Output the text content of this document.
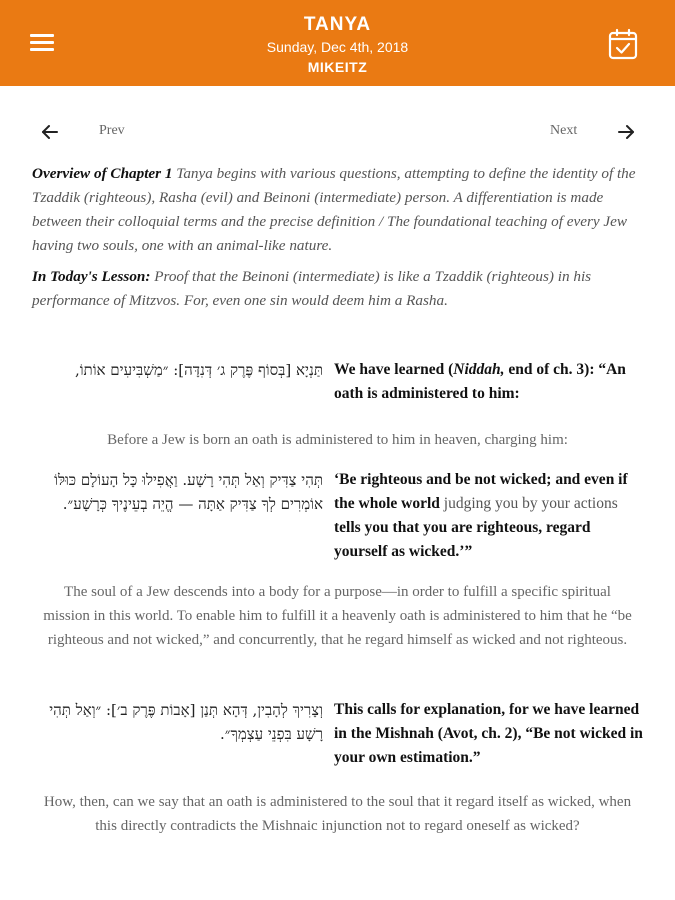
TANYA
Sunday, Dec 4th, 2018
MIKEITZ
Prev	Next

Overview of Chapter 1 Tanya begins with various questions, attempting to define the identity of the Tzaddik (righteous), Rasha (evil) and Beinoni (intermediate) person. A differentiation is made between their colloquial terms and the precise definition / The foundational teaching of every Jew having two souls, one with an animal-like nature.

In Today's Lesson: Proof that the Beinoni (intermediate) is like a Tzaddik (righteous) in his performance of Mitzvos. For, even one sin would deem him a Rasha.

תַּנְיָא [בְּסוֹף פֶּרֶק ג׳ דְּנִדָּה]: ״מַשְׁבִּיעִים אוֹתוֹ, We have learned (Niddah, end of ch. 3): “An oath is administered to him:
Before a Jew is born an oath is administered to him in heaven, charging him:
תְּהִי צַדִּיק וְאַל תְּהִי רָשָׁע. וַאֲפִילוּ כָּל הָעוֹלָם כּוּלּוֹ אוֹמְרִים לְךָ צַדִּיק אַתָּה — הֱיֵה בְעֵינֶיךָ כְּרָשָׁע״.
‘Be righteous and be not wicked; and even if the whole world judging you by your actions tells you that you are righteous, regard yourself as wicked.’”
The soul of a Jew descends into a body for a purpose—in order to fulfill a specific spiritual mission in this world. To enable him to fulfill it a heavenly oath is administered to him that he “be righteous and not wicked,” and concurrently, that he regard himself as wicked and not righteous.
וְצָרִיךְ לְהָבִין, דְּהָא תְּנַן [אָבוֹת פֶּרֶק ב׳]: ״וְאַל תְּהִי רָשָׁע בִּפְנֵי עַצְמְךָ״.
This calls for explanation, for we have learned in the Mishnah (Avot, ch. 2), “Be not wicked in your own estimation.”
How, then, can we say that an oath is administered to the soul that it regard itself as wicked, when this directly contradicts the Mishnaic injunction not to regard oneself as wicked?
